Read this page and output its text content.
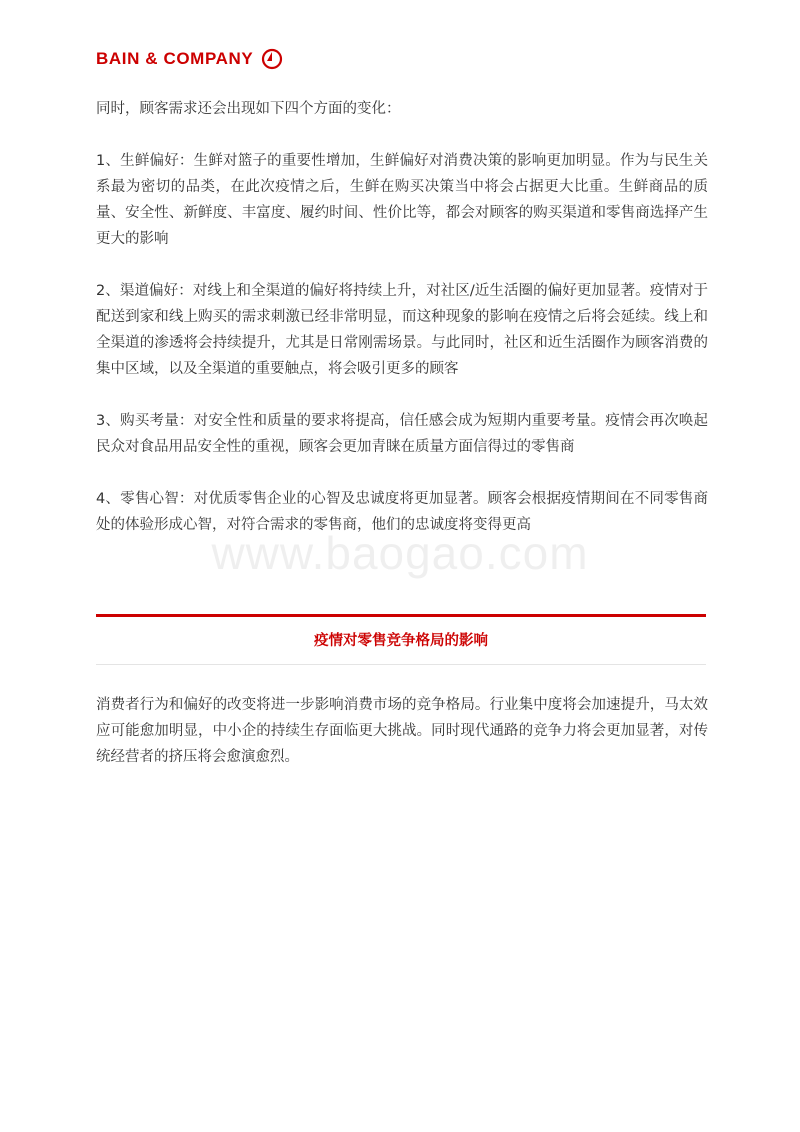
BAIN & COMPANY

同时，顾客需求还会出现如下四个方面的变化：

1、生鲜偏好：生鲜对篮子的重要性增加，生鲜偏好对消费决策的影响更加明显。作为与民生关系最为密切的品类，在此次疫情之后，生鲜在购买决策当中将会占据更大比重。生鲜商品的质量、安全性、新鲜度、丰富度、履约时间、性价比等，都会对顾客的购买渠道和零售商选择产生更大的影响

2、渠道偏好：对线上和全渠道的偏好将持续上升，对社区/近生活圈的偏好更加显著。疫情对于配送到家和线上购买的需求刺激已经非常明显，而这种现象的影响在疫情之后将会延续。线上和全渠道的渗透将会持续提升，尤其是日常刚需场景。与此同时，社区和近生活圈作为顾客消费的集中区域，以及全渠道的重要触点，将会吸引更多的顾客

3、购买考量：对安全性和质量的要求将提高，信任感会成为短期内重要考量。疫情会再次唤起民众对食品用品安全性的重视，顾客会更加青睐在质量方面信得过的零售商

4、零售心智：对优质零售企业的心智及忠诚度将更加显著。顾客会根据疫情期间在不同零售商处的体验形成心智，对符合需求的零售商，他们的忠诚度将变得更高

www.baogao.com
疫情对零售竞争格局的影响

消费者行为和偏好的改变将进一步影响消费市场的竞争格局。行业集中度将会加速提升，马太效应可能愈加明显，中小企的持续生存面临更大挑战。同时现代通路的竞争力将会更加显著，对传统经营者的挤压将会愈演愈烈。
